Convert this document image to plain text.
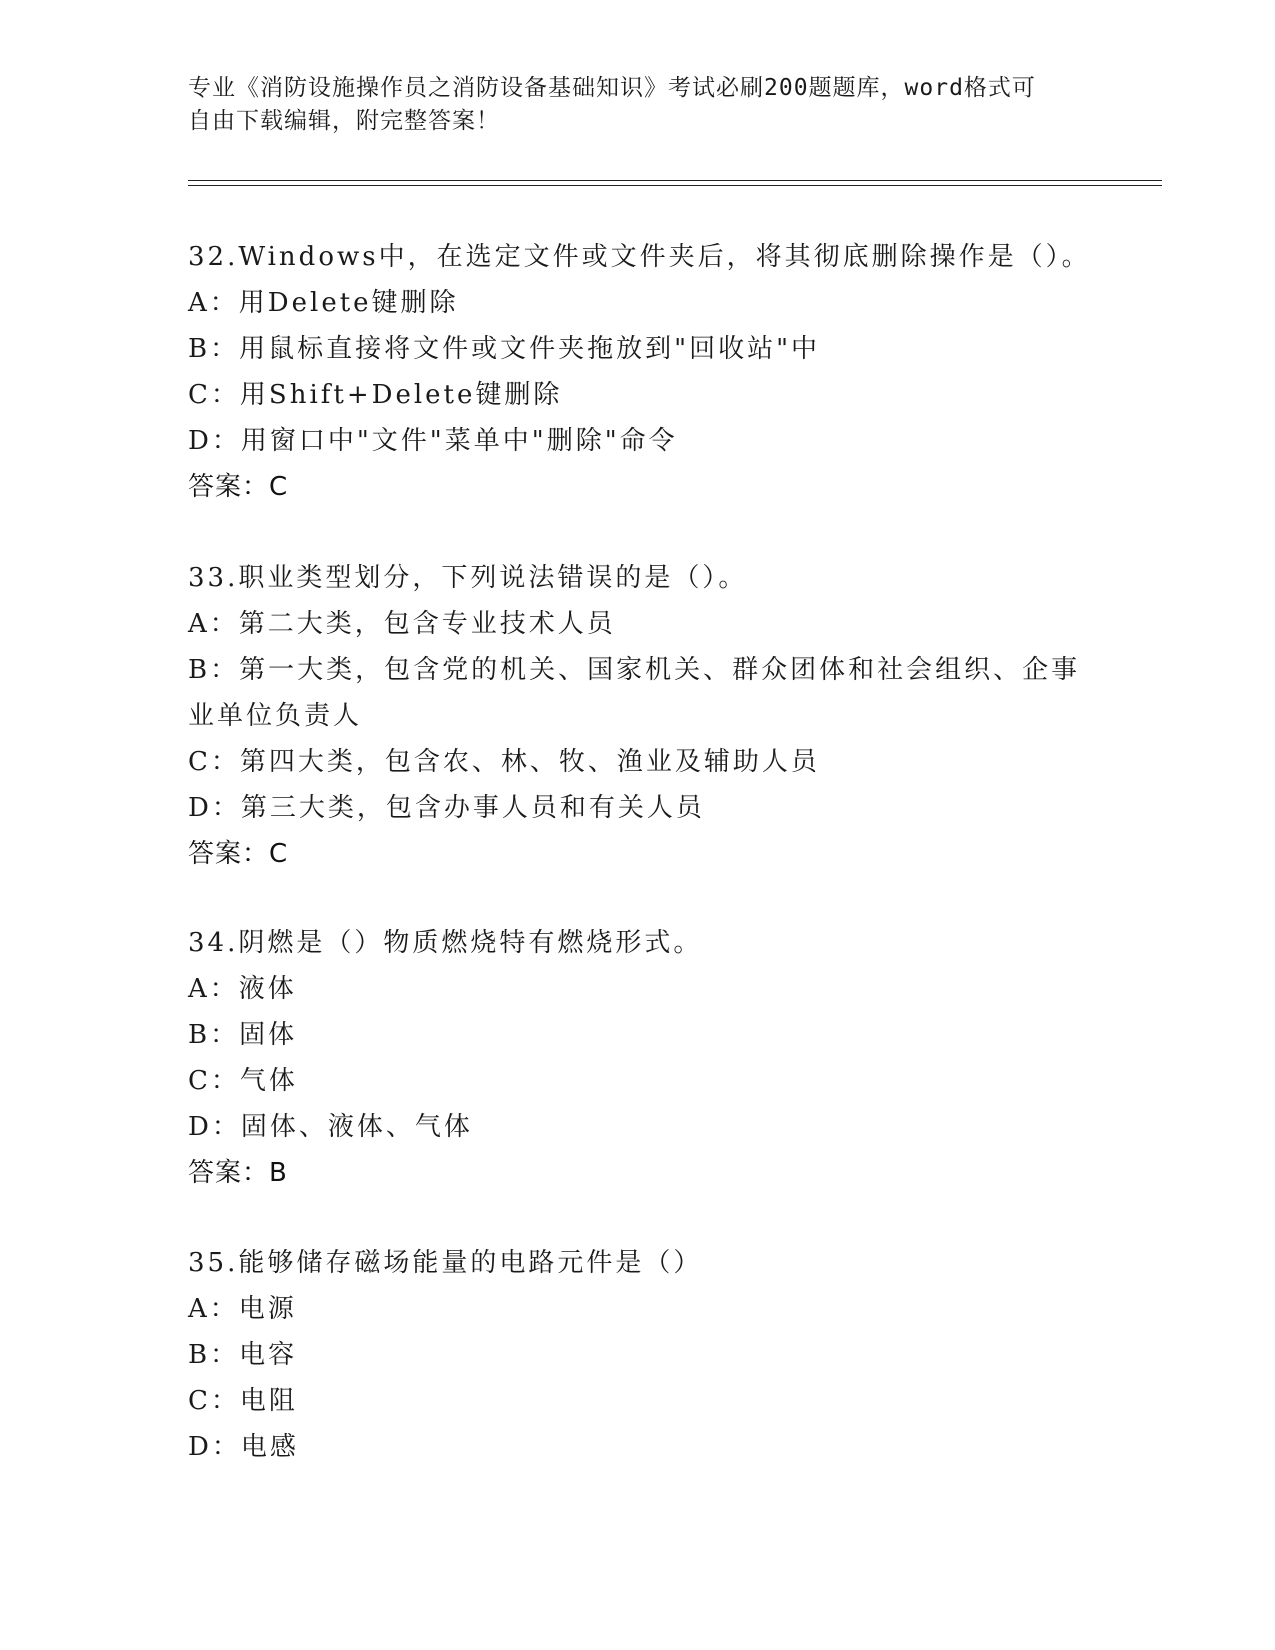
专业《消防设施操作员之消防设备基础知识》考试必刷200题题库，word格式可
自由下载编辑，附完整答案！
32.Windows中，在选定文件或文件夹后，将其彻底删除操作是（）。
A：用Delete键删除
B：用鼠标直接将文件或文件夹拖放到"回收站"中
C：用Shift+Delete键删除
D：用窗口中"文件"菜单中"删除"命令
答案：C
33.职业类型划分，下列说法错误的是（）。
A：第二大类，包含专业技术人员
B：第一大类，包含党的机关、国家机关、群众团体和社会组织、企事业单位负责人
C：第四大类，包含农、林、牧、渔业及辅助人员
D：第三大类，包含办事人员和有关人员
答案：C
34.阴燃是（）物质燃烧特有燃烧形式。
A：液体
B：固体
C：气体
D：固体、液体、气体
答案：B
35.能够储存磁场能量的电路元件是（）
A：电源
B：电容
C：电阻
D：电感
